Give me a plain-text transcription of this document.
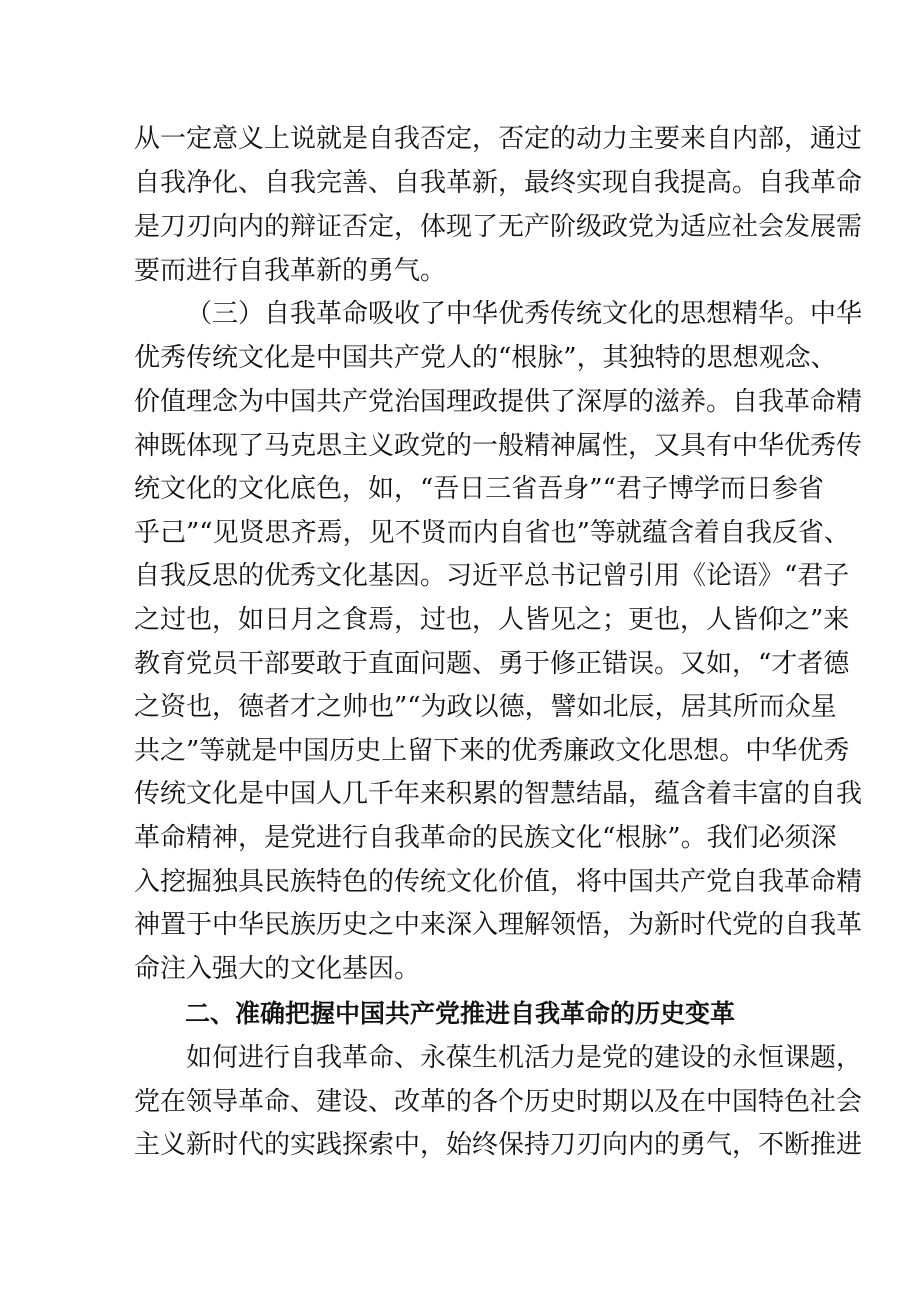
从一定意义上说就是自我否定，否定的动力主要来自内部，通过
自我净化、自我完善、自我革新，最终实现自我提高。自我革命
是刀刃向内的辩证否定，体现了无产阶级政党为适应社会发展需
要而进行自我革新的勇气。
（三）自我革命吸收了中华优秀传统文化的思想精华。中华
优秀传统文化是中国共产党人的“根脉”，其独特的思想观念、
价值理念为中国共产党治国理政提供了深厚的滋养。自我革命精
神既体现了马克思主义政党的一般精神属性，又具有中华优秀传
统文化的文化底色，如，“吾日三省吾身”“君子博学而日参省
乎己”“见贤思齐焉，见不贤而内自省也”等就蕴含着自我反省、
自我反思的优秀文化基因。习近平总书记曾引用《论语》“君子
之过也，如日月之食焉，过也，人皆见之；更也，人皆仰之”来
教育党员干部要敢于直面问题、勇于修正错误。又如，“才者德
之资也，德者才之帅也”“为政以德，譬如北辰，居其所而众星
共之”等就是中国历史上留下来的优秀廉政文化思想。中华优秀
传统文化是中国人几千年来积累的智慧结晶，蕴含着丰富的自我
革命精神，是党进行自我革命的民族文化“根脉”。我们必须深
入挖掘独具民族特色的传统文化价值，将中国共产党自我革命精
神置于中华民族历史之中来深入理解领悟，为新时代党的自我革
命注入强大的文化基因。
二、准确把握中国共产党推进自我革命的历史变革
如何进行自我革命、永葆生机活力是党的建设的永恒课题，
党在领导革命、建设、改革的各个历史时期以及在中国特色社会
主义新时代的实践探索中，始终保持刀刃向内的勇气，不断推进
